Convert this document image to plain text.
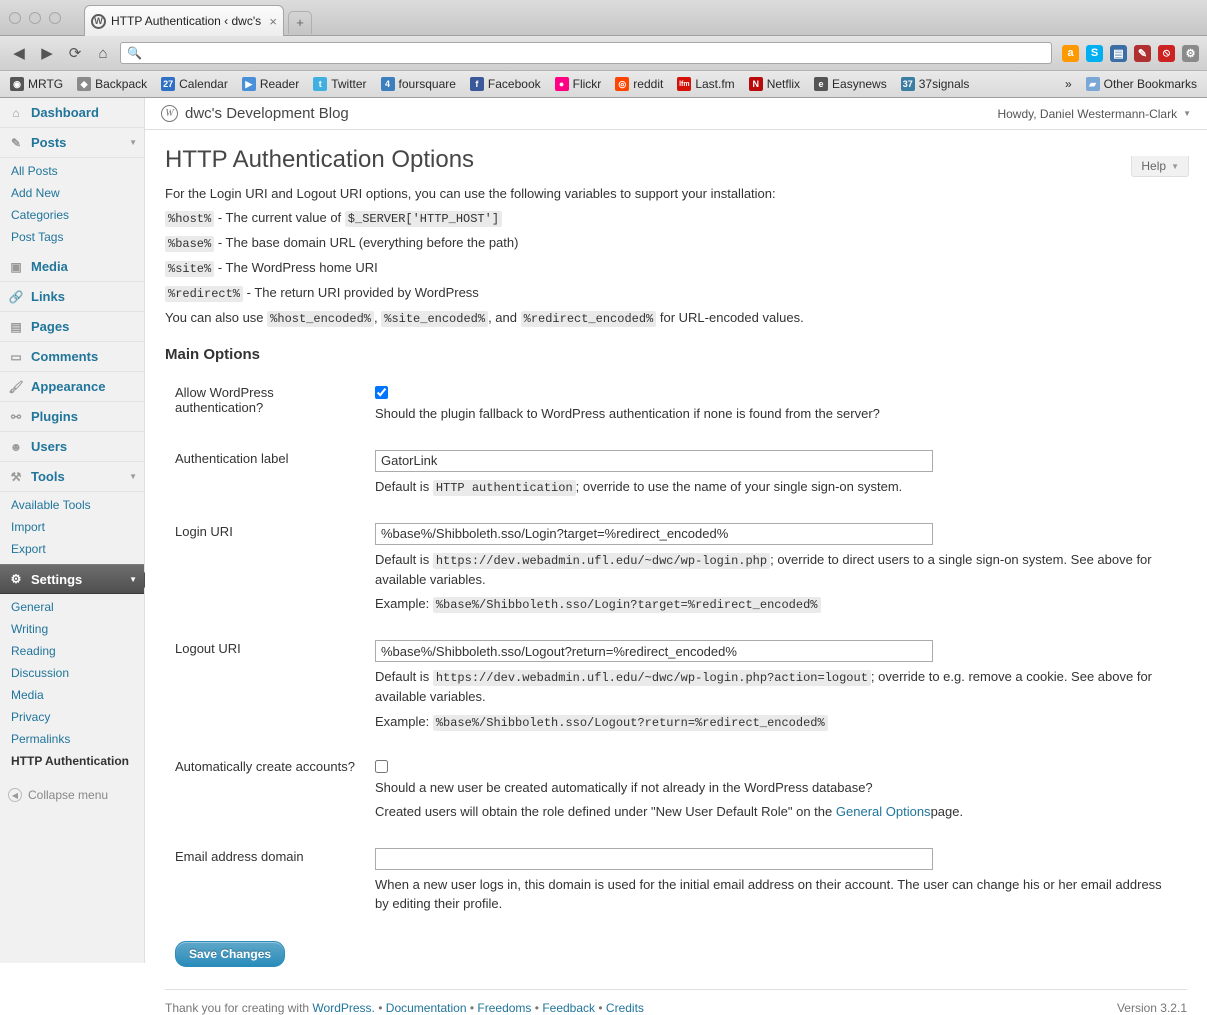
W HTTP Authentication ‹ dwc's ×	+
◀	▶	⟳	⌂	🔍	a	S	▤	✎	⦸	⚙
◉ MRTG	◆ Backpack 27 Calendar	▶ Reader	t Twitter	4 foursquare	f Facebook	● Flickr	◎ reddit lfm Last.fm	N Netflix	e Easynews 37 37signals	»	▰ Other Bookmarks
⌂ Dashboard
✎ Posts	▼
All Posts
Add New
Categories
Post Tags
▣ Media
🔗 Links
▤ Pages
▭ Comments
🖌 Appearance
⚯ Plugins
☻ Users
⚒ Tools	▼
Available Tools
Import
Export
⚙ Settings	▼
General
Writing
Reading
Discussion
Media
Privacy
Permalinks
HTTP Authentication
◀ Collapse menu
W dwc's Development Blog	Howdy, Daniel Westermann-Clark ▼
Help ▼
HTTP Authentication Options

For the Login URI and Logout URI options, you can use the following variables to support your installation:

%host% - The current value of $_SERVER['HTTP_HOST']
%base% - The base domain URL (everything before the path)
%site% - The WordPress home URI
%redirect% - The return URI provided by WordPress

You can also use %host_encoded% , %site_encoded% , and %redirect_encoded% for URL-encoded values.

Main Options
Allow WordPress authentication?	Should the plugin fallback to WordPress authentication if none is found from the server?

Authentication label	GatorLink
Default is HTTP authentication ; override to use the name of your single sign-on system.

Login URI	%base%/Shibboleth.sso/Login?target=%redirect_encoded%
Default is https://dev.webadmin.ufl.edu/~dwc/wp-login.php ; override to direct users to a single sign-on system. See above for available variables.
Example: %base%/Shibboleth.sso/Login?target=%redirect_encoded%

Logout URI	%base%/Shibboleth.sso/Logout?return=%redirect_encoded%
Default is https://dev.webadmin.ufl.edu/~dwc/wp-login.php?action=logout ; override to e.g. remove a cookie. See above for available variables.
Example: %base%/Shibboleth.sso/Logout?return=%redirect_encoded%

Automatically create accounts?	Should a new user be created automatically if not already in the WordPress database?
Created users will obtain the role defined under "New User Default Role" on the General Optionspage.

Email address domain	When a new user logs in, this domain is used for the initial email address on their account. The user can change his or her email address by editing their profile.
Save Changes
Thank you for creating with
WordPress.
•
Documentation
•
Freedoms
•
Feedback
•
Credits	Version 3.2.1
